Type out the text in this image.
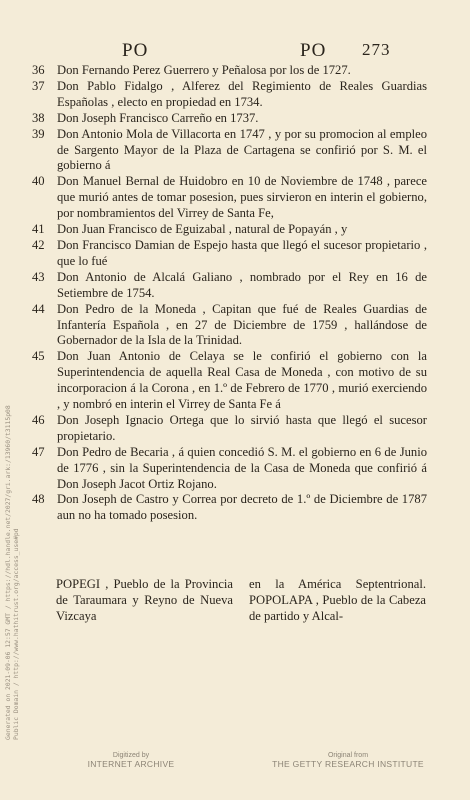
PO	PO 273

36 Don Fernando Perez Guerrero y Peñalosa por los de 1727.

37 Don Pablo Fidalgo , Alferez del Regimiento de Reales Guardias Españolas , electo en propiedad en 1734.

38 Don Joseph Francisco Carreño en 1737.

39 Don Antonio Mola de Villacorta en 1747 , y por su promocion al empleo de Sargento Mayor de la Plaza de Cartagena se confirió por S. M. el gobierno á

40 Don Manuel Bernal de Huidobro en 10 de Noviembre de 1748 , parece que murió antes de tomar posesion, pues sirvieron en interin el gobierno, por nombramientos del Virrey de Santa Fe,

41 Don Juan Francisco de Eguizabal , natural de Popayán , y

42 Don Francisco Damian de Espejo hasta que llegó el sucesor propietario , que lo fué

43 Don Antonio de Alcalá Galiano , nombrado por el Rey en 16 de Setiembre de 1754.

44 Don Pedro de la Moneda , Capitan que fué de Reales Guardias de Infantería Española , en 27 de Diciembre de 1759 , hallándose de Gobernador de la Isla de la Trinidad.

45 Don Juan Antonio de Celaya se le confirió el gobierno con la Superintendencia de aquella Real Casa de Moneda , con motivo de su incorporacion á la Corona , en 1.º de Febrero de 1770 , murió exerciendo , y nombró en interin el Virrey de Santa Fe á

46 Don Joseph Ignacio Ortega que lo sirvió hasta que llegó el sucesor propietario.

47 Don Pedro de Becaria , á quien concedió S. M. el gobierno en 6 de Junio de 1776 , sin la Superintendencia de la Casa de Moneda que confirió á Don Joseph Jacot Ortiz Rojano.

48 Don Joseph de Castro y Correa por decreto de 1.º de Diciembre de 1787 aun no ha tomado posesion.

POPEGI , Pueblo de la Provincia de Taraumara y Reyno de Nueva Vizcaya
en la América Septentrional. POPOLAPA , Pueblo de la Cabeza de partido y Alcal-
Generated on 2021-09-06 12:57 GMT / https://hdl.handle.net/2027/gri.ark:/13960/t3115p08 Public Domain / http://www.hathitrust.org/access_use#pd
Digitized by
INTERNET ARCHIVE
Original from
THE GETTY RESEARCH INSTITUTE
